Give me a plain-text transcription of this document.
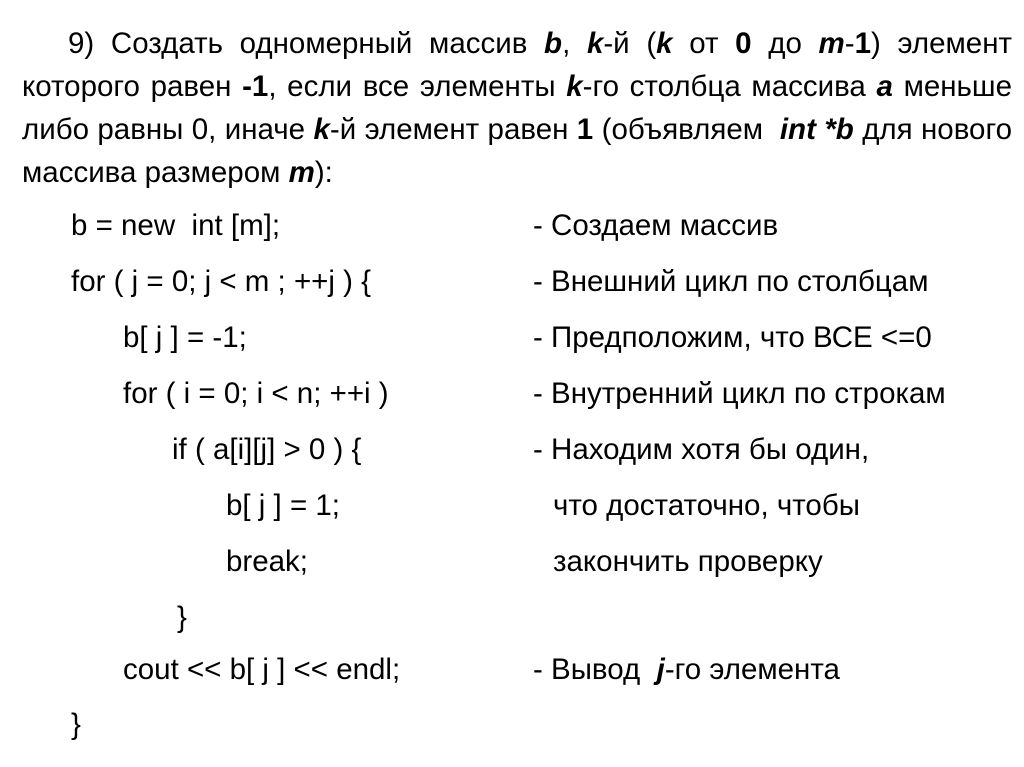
9) Создать одномерный массив b, k-й (k от 0 до m-1) элемент которого равен -1, если все элементы k-го столбца массива a меньше либо равны 0, иначе k-й элемент равен 1 (объявляем  int *b для нового массива размером m):
b = new  int [m];
for ( j = 0; j < m ; ++j ) {
b[ j ] = -1;
for ( i = 0; i < n; ++i )
if ( a[i][j] > 0 ) {
b[ j ] = 1;
break;
}
cout << b[ j ] << endl;
}
- Создаем массив
- Внешний цикл по столбцам
- Предположим, что ВСЕ <=0
- Внутренний цикл по строкам
- Находим хотя бы один,
что достаточно, чтобы
закончить проверку
- Вывод  j-го элемента
